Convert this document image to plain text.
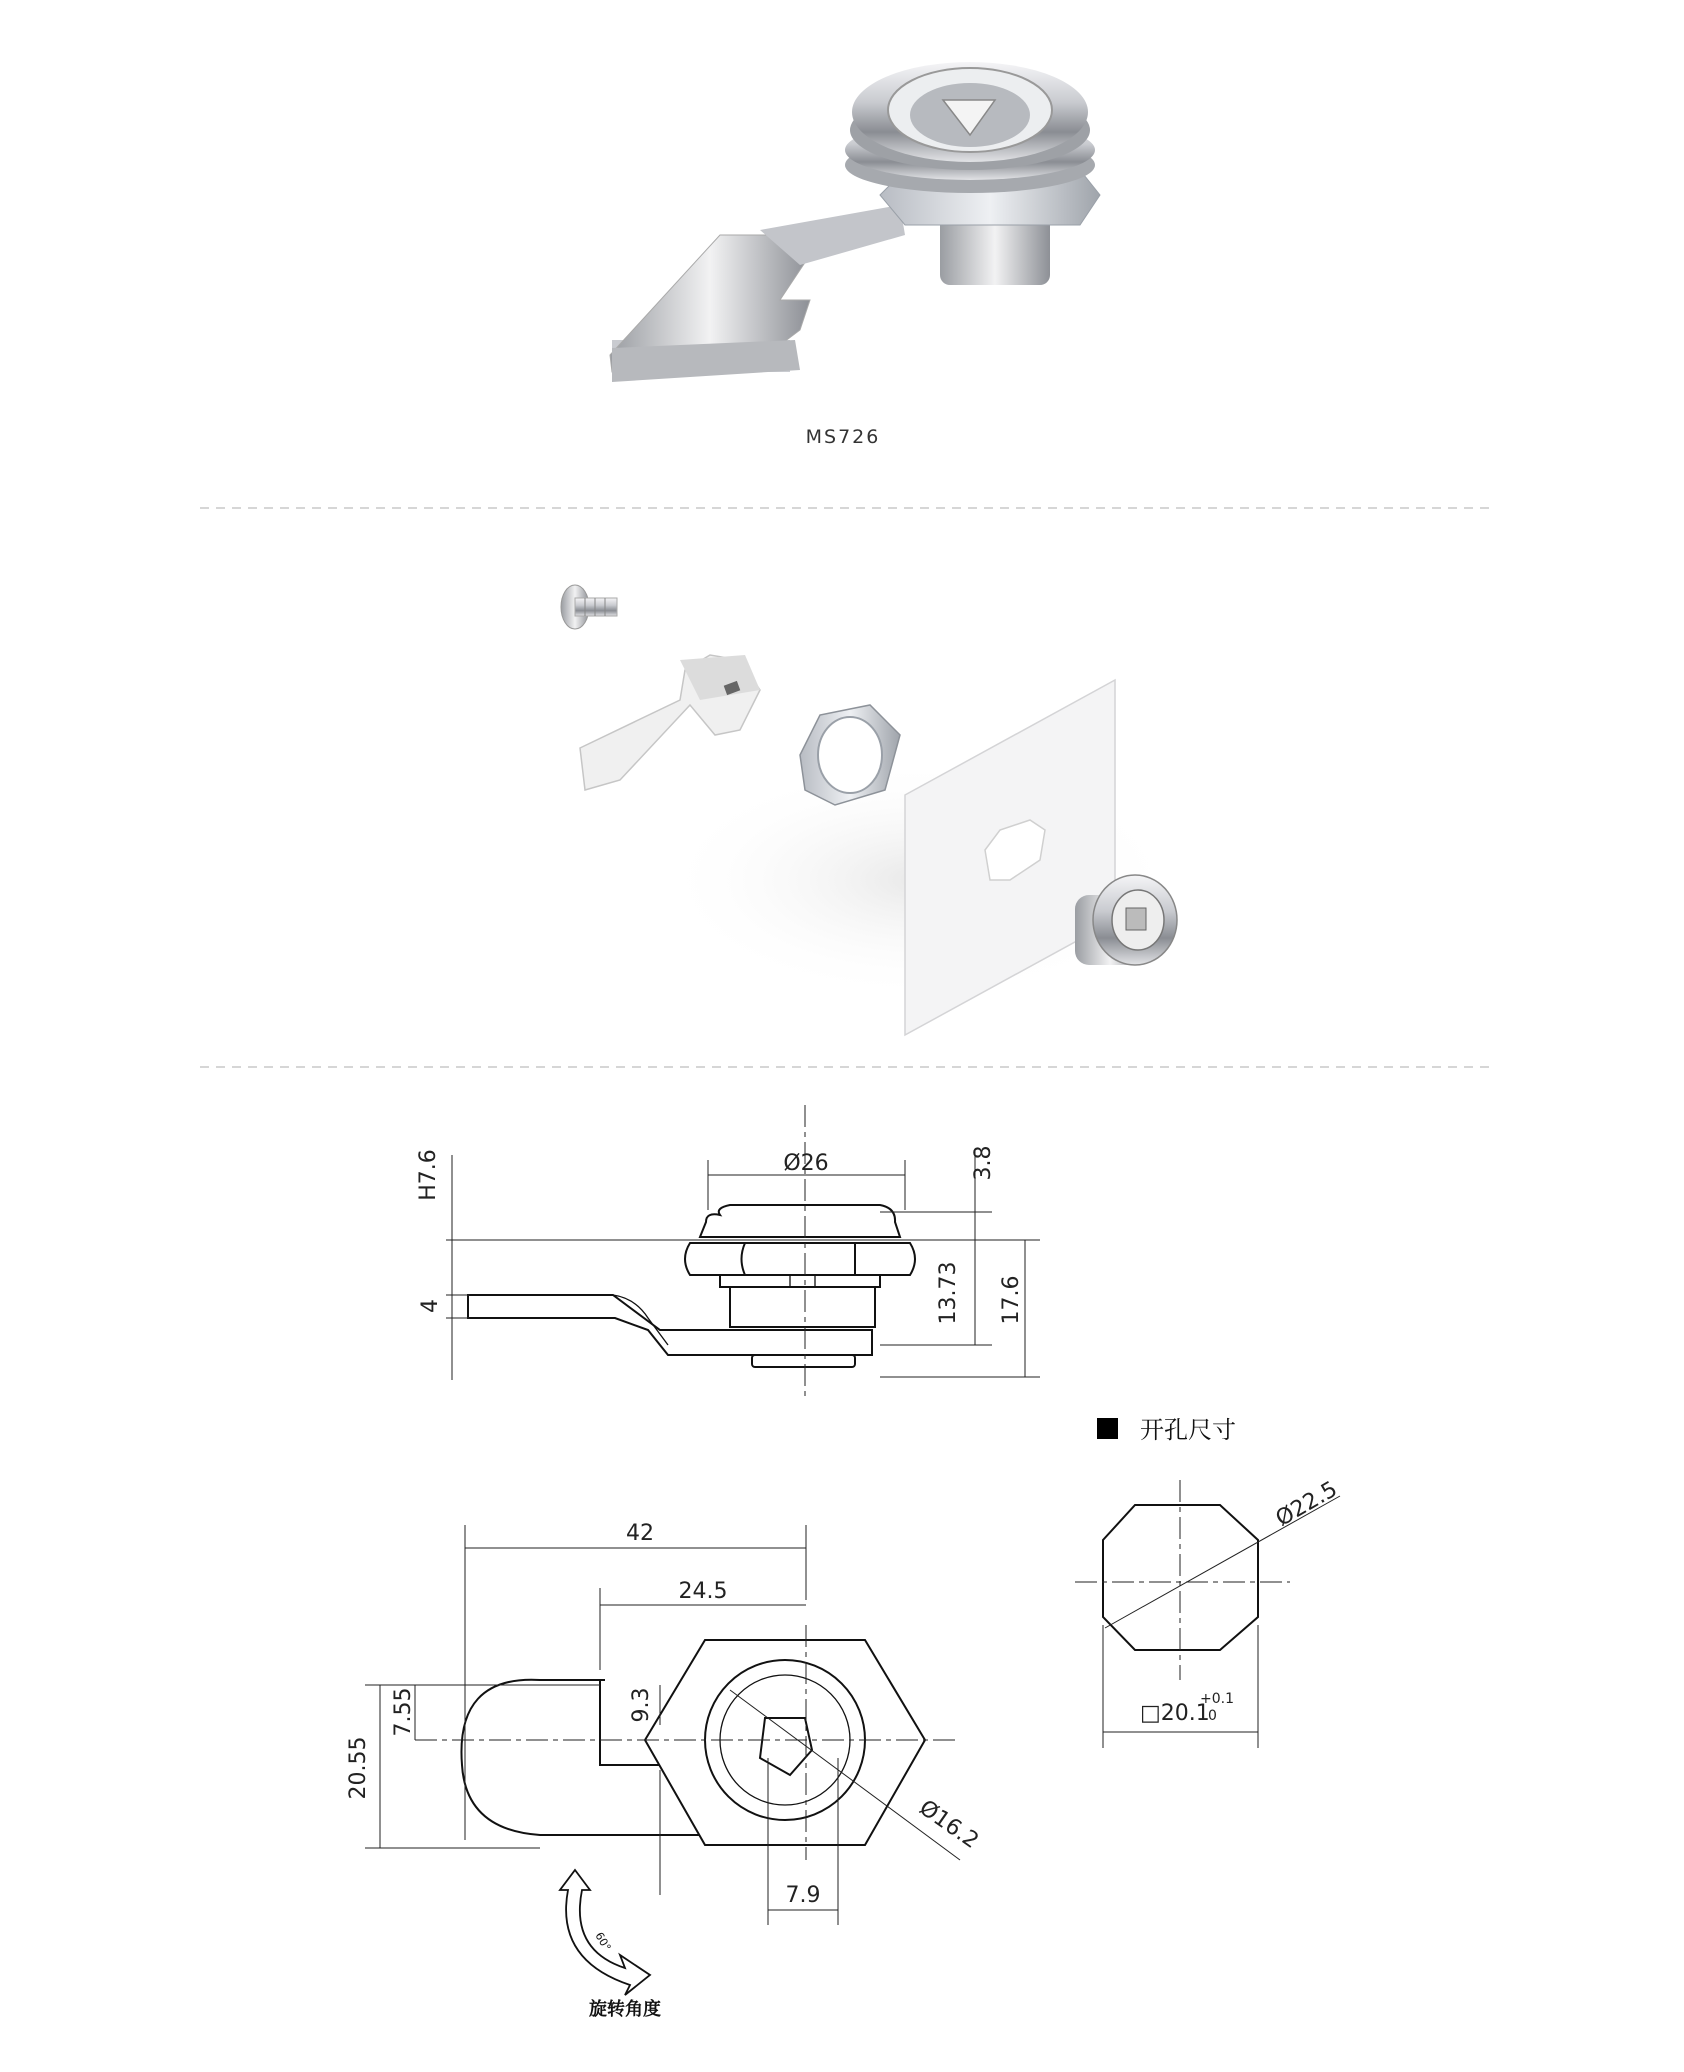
MS726
Ø26	3.8
13.73 17.6
H7.6
4
42
24.5
20.55
7.55	9.3
Ø16.2
7.9
60°
旋转角度
开孔尺寸
Ø22.5
□20.1
+0.1
0
